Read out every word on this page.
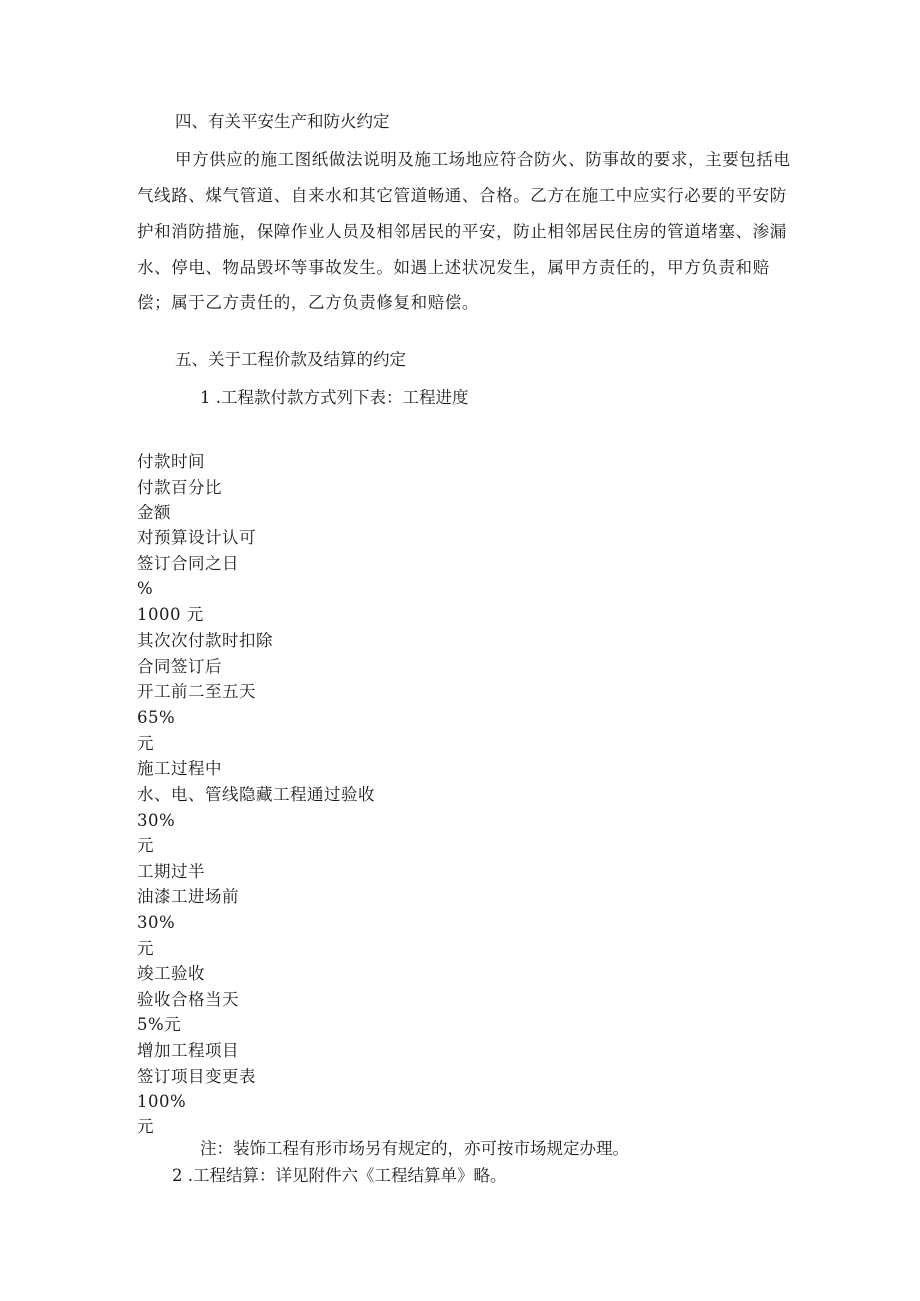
四、有关平安生产和防火约定
甲方供应的施工图纸做法说明及施工场地应符合防火、防事故的要求，主要包括电
气线路、煤气管道、自来水和其它管道畅通、合格。乙方在施工中应实行必要的平安防
护和消防措施，保障作业人员及相邻居民的平安，防止相邻居民住房的管道堵塞、渗漏
水、停电、物品毁坏等事故发生。如遇上述状况发生，属甲方责任的，甲方负责和赔
偿；属于乙方责任的，乙方负责修复和赔偿。
五、关于工程价款及结算的约定
1 .工程款付款方式列下表：工程进度
付款时间
付款百分比
金额
对预算设计认可
签订合同之日
%
1000 元
其次次付款时扣除
合同签订后
开工前二至五天
65%
元
施工过程中
水、电、管线隐藏工程通过验收
30%
元
工期过半
油漆工进场前
30%
元
竣工验收
验收合格当天
5%元
增加工程项目
签订项目变更表
100%
元
注：装饰工程有形市场另有规定的，亦可按市场规定办理。
2 .工程结算：详见附件六《工程结算单》略。
